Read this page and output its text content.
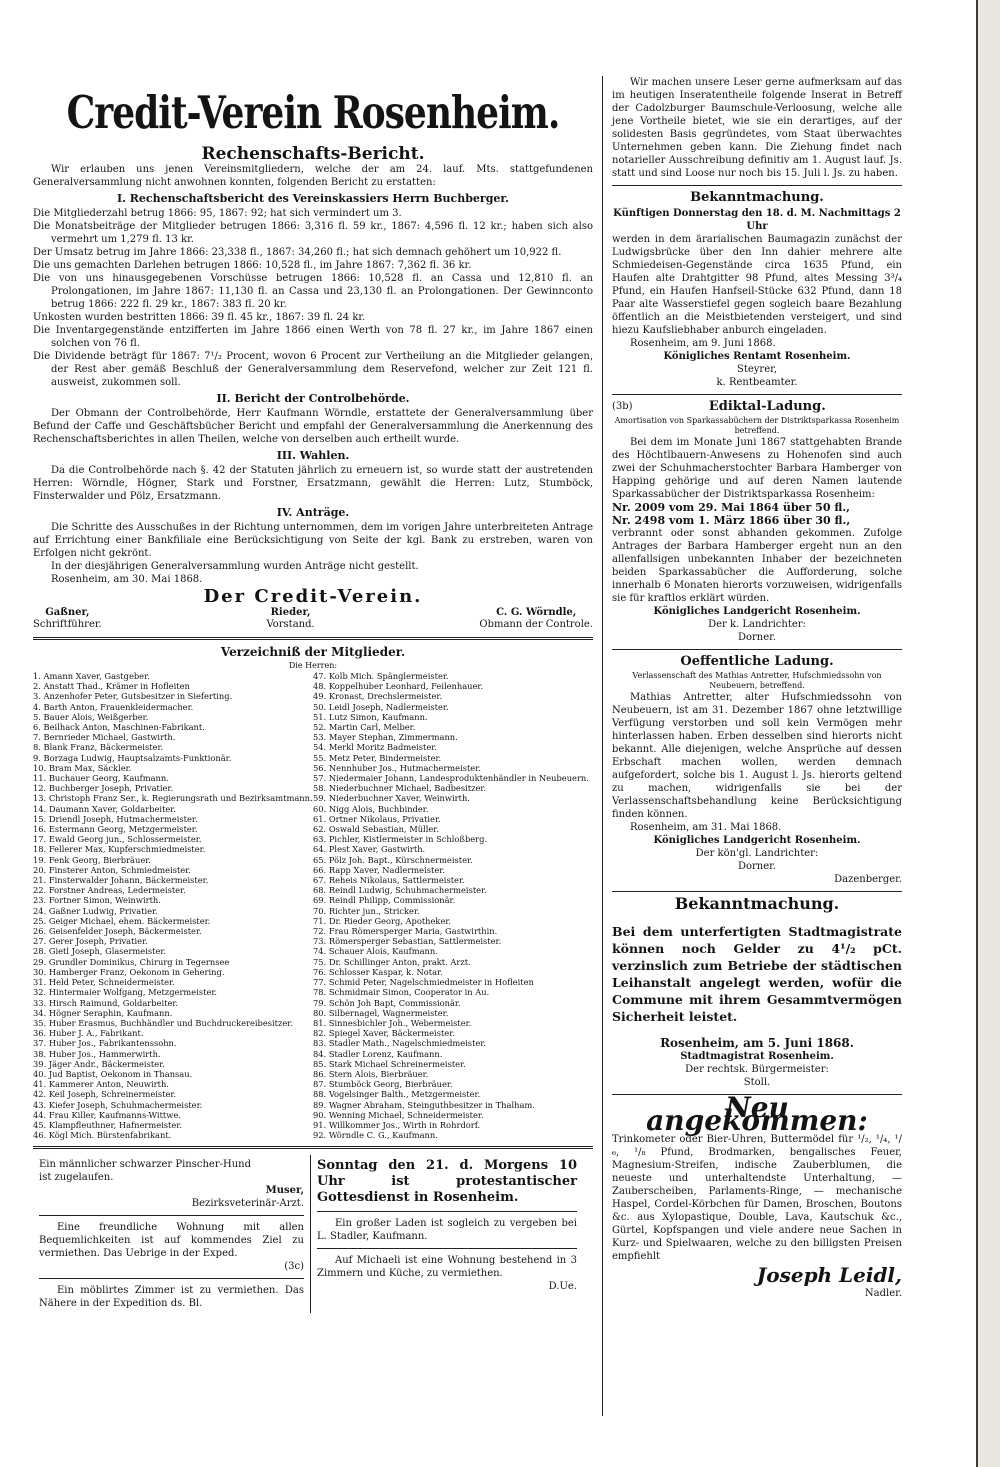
Credit-Verein Rosenheim.
Rechenschafts-Bericht.

Wir erlauben uns jenen Vereinsmitgliedern, welche der am 24. lauf. Mts. stattgefundenen Generalversammlung nicht anwohnen konnten, folgenden Bericht zu erstatten:

I. Rechenschaftsbericht des Vereinskassiers Herrn Buchberger.

Die Mitgliederzahl betrug 1866: 95, 1867: 92; hat sich vermindert um 3.

Die Monatsbeiträge der Mitglieder betrugen 1866: 3,316 fl. 59 kr., 1867: 4,596 fl. 12 kr.; haben sich also vermehrt um 1,279 fl. 13 kr.

Der Umsatz betrug im Jahre 1866: 23,338 fl., 1867: 34,260 fl.; hat sich demnach gehöhert um 10,922 fl.

Die uns gemachten Darlehen betrugen 1866: 10,528 fl., im Jahre 1867: 7,362 fl. 36 kr.

Die von uns hinausgegebenen Vorschüsse betrugen 1866: 10,528 fl. an Cassa und 12,810 fl. an Prolongationen, im Jahre 1867: 11,130 fl. an Cassa und 23,130 fl. an Prolongationen. Der Gewinnconto betrug 1866: 222 fl. 29 kr., 1867: 383 fl. 20 kr.

Unkosten wurden bestritten 1866: 39 fl. 45 kr., 1867: 39 fl. 24 kr.

Die Inventargegenstände entzifferten im Jahre 1866 einen Werth von 78 fl. 27 kr., im Jahre 1867 einen solchen von 76 fl.

Die Dividende beträgt für 1867: 7¹/₂ Procent, wovon 6 Procent zur Vertheilung an die Mitglieder gelangen, der Rest aber gemäß Beschluß der Generalversammlung dem Reservefond, welcher zur Zeit 121 fl. ausweist, zukommen soll.

II. Bericht der Controlbehörde.

Der Obmann der Controlbehörde, Herr Kaufmann Wörndle, erstattete der Generalversammlung über Befund der Caffe und Geschäftsbücher Bericht und empfahl der Generalversammlung die Anerkennung des Rechenschaftsberichtes in allen Theilen, welche von derselben auch ertheilt wurde.

III. Wahlen.

Da die Controlbehörde nach §. 42 der Statuten jährlich zu erneuern ist, so wurde statt der austretenden Herren: Wörndle, Högner, Stark und Forstner, Ersatzmann, gewählt die Herren: Lutz, Stumböck, Finsterwalder und Pölz, Ersatzmann.

IV. Anträge.

Die Schritte des Ausschußes in der Richtung unternommen, dem im vorigen Jahre unterbreiteten Antrage auf Errichtung einer Bankfiliale eine Berücksichtigung von Seite der kgl. Bank zu erstreben, waren von Erfolgen nicht gekrönt.

In der diesjährigen Generalversammlung wurden Anträge nicht gestellt.

Rosenheim, am 30. Mai 1868.

Der Credit-Verein.
Gaßner,
Schriftführer.
Rieder,
Vorstand.
C. G. Wörndle,
Obmann der Controle.
Verzeichniß der Mitglieder.
Die Herren:
1. Amann Xaver, Gastgeber.
2. Anstatt Thad., Krämer in Hofleiten
3. Anzenhofer Peter, Gutsbesitzer in Sieferting.
4. Barth Anton, Frauenkleidermacher.
5. Bauer Alois, Weißgerber.
6. Beilhack Anton, Maschinen-Fabrikant.
7. Bernrieder Michael, Gastwirth.
8. Blank Franz, Bäckermeister.
9. Borzaga Ludwig, Hauptsalzamts-Funktionär.
10. Bram Max, Säckler.
11. Buchauer Georg, Kaufmann.
12. Buchberger Joseph, Privatier.
13. Christoph Franz Ser., k. Regierungsrath und Bezirksamtmann.
14. Daumann Xaver, Goldarbeiter.
15. Driendl Joseph, Hutmachermeister.
16. Estermann Georg, Metzgermeister.
17. Ewald Georg jun., Schlossermeister.
18. Fellerer Max, Kupferschmiedmeister.
19. Fenk Georg, Bierbräuer.
20. Finsterer Anton, Schmiedmeister.
21. Finsterwalder Johann, Bäckermeister.
22. Forstner Andreas, Ledermeister.
23. Fortner Simon, Weinwirth.
24. Gaßner Ludwig, Privatier.
25. Geiger Michael, ehem. Bäckermeister.
26. Geisenfelder Joseph, Bäckermeister.
27. Gerer Joseph, Privatier.
28. Gietl Joseph, Glasermeister.
29. Grundler Dominikus, Chirurg in Tegernsee
30. Hamberger Franz, Oekonom in Gehering.
31. Held Peter, Schneidermeister.
32. Hintermaier Wolfgang, Metzgermeister.
33. Hirsch Raimund, Goldarbeiter.
34. Högner Seraphin, Kaufmann.
35. Huber Erasmus, Buchhändler und Buchdruckereibesitzer.
36. Huber J. A., Fabrikant.
37. Huber Jos., Fabrikantenssohn.
38. Huber Jos., Hammerwirth.
39. Jäger Andr., Bäckermeister.
40. Jud Baptist, Oekonom in Thansau.
41. Kammerer Anton, Neuwirth.
42. Keil Joseph, Schreinermeister.
43. Kiefer Joseph, Schuhmachermeister.
44. Frau Killer, Kaufmanns-Wittwe.
45. Klampfleuthner, Hafnermeister.
46. Kögl Mich. Bürstenfabrikant.
47. Kolb Mich. Spänglermeister.
48. Koppelhuber Leonhard, Feilenhauer.
49. Kronast, Drechslermeister.
50. Leidl Joseph, Nadlermeister.
51. Lutz Simon, Kaufmann.
52. Martin Carl, Melber.
53. Mayer Stephan, Zimmermann.
54. Merkl Moritz Badmeister.
55. Metz Peter, Bindermeister.
56. Nennhuber Jos., Hutmachermeister.
57. Niedermaier Johann, Landesproduktenhändler in Neubeuern.
58. Niederbuchner Michael, Badbesitzer.
59. Niederbuchner Xaver, Weinwirth.
60. Nigg Alois, Buchbinder.
61. Ortner Nikolaus, Privatier.
62. Oswald Sebastian, Müller.
63. Pichler, Kistlermeister in Schloßberg.
64. Plest Xaver, Gastwirth.
65. Pölz Joh. Bapt., Kürschnermeister.
66. Rapp Xaver, Nadlermeister.
67. Reheis Nikolaus, Sattlermeister.
68. Reindl Ludwig, Schuhmachermeister.
69. Reindl Philipp, Commissionär.
70. Richter jun., Stricker.
71. Dr. Rieder Georg, Apotheker.
72. Frau Römersperger Maria, Gastwirthin.
73. Römersperger Sebastian, Sattlermeister.
74. Schauer Alois, Kaufmann.
75. Dr. Schillinger Anton, prakt. Arzt.
76. Schlosser Kaspar, k. Notar.
77. Schmid Peter, Nagelschmiedmeister in Hofleiten
78. Schmidmair Simon, Cooperator in Au.
79. Schön Joh Bapt, Commissionär.
80. Silbernagel, Wagnermeister.
81. Sinnesbichler Joh., Webermeister.
82. Spiegel Xaver, Bäckermeister.
83. Stadler Math., Nagelschmiedmeister.
84. Stadler Lorenz, Kaufmann.
85. Stark Michael Schreinermeister.
86. Stern Alois, Bierbräuer.
87. Stumböck Georg, Bierbräuer.
88. Vogelsinger Balth., Metzgermeister.
89. Wagner Abraham, Steinguthbesitzer in Thalham.
90. Wenning Michael, Schneidermeister.
91. Willkommer Jos., Wirth in Rohrdorf.
92. Wörndle C. G., Kaufmann.

Ein männlicher schwarzer Pinscher-Hund
ist zugelaufen.

Muser,
Bezirksveterinär-Arzt.

Eine freundliche Wohnung mit allen Bequemlichkeiten ist auf kommendes Ziel zu vermiethen. Das Uebrige in der Exped.

(3c)

Ein möblirtes Zimmer ist zu vermiethen. Das Nähere in der Expedition ds. Bl.

Sonntag den 21. d. Morgens 10 Uhr ist protestantischer Gottesdienst in Rosenheim.

Ein großer Laden ist sogleich zu vergeben bei L. Stadler, Kaufmann.

Auf Michaeli ist eine Wohnung bestehend in 3 Zimmern und Küche, zu vermiethen.

D.Ue.

Wir machen unsere Leser gerne aufmerksam auf das im heutigen Inseratentheile folgende Inserat in Betreff der Cadolzburger Baumschule-Verloosung, welche alle jene Vortheile bietet, wie sie ein derartiges, auf der solidesten Basis gegründetes, vom Staat überwachtes Unternehmen geben kann. Die Ziehung findet nach notarieller Ausschreibung definitiv am 1. August lauf. Js. statt und sind Loose nur noch bis 15. Juli l. Js. zu haben.

Bekanntmachung.

Künftigen Donnerstag den 18. d. M. Nachmittags 2 Uhr

werden in dem ärarialischen Baumagazin zunächst der Ludwigsbrücke über den Inn dahier mehrere alte Schmiedeisen-Gegenstände circa 1635 Pfund, ein Haufen alte Drahtgitter 98 Pfund, altes Messing 3³/₄ Pfund, ein Haufen Hanfseil-Stücke 632 Pfund, dann 18 Paar alte Wasserstiefel gegen sogleich baare Bezahlung öffentlich an die Meistbietenden versteigert, und sind hiezu Kaufsliebhaber anburch eingeladen.

Rosenheim, am 9. Juni 1868.

Königliches Rentamt Rosenheim.

Steyrer,

k. Rentbeamter.

(3b)	Ediktal-Ladung.

Amortisation von Sparkassabüchern der Distriktsparkassa Rosenheim betreffend.

Bei dem im Monate Juni 1867 stattgehabten Brande des Höchtlbauern-Anwesens zu Hohenofen sind auch zwei der Schuhmacherstochter Barbara Hamberger von Happing gehörige und auf deren Namen lautende Sparkassabücher der Distriktsparkassa Rosenheim:

Nr. 2009 vom 29. Mai 1864 über 50 fl.,

Nr. 2498 vom 1. März 1866 über 30 fl.,

verbrannt oder sonst abhanden gekommen. Zufolge Antrages der Barbara Hamberger ergeht nun an den allenfallsigen unbekannten Inhaber der bezeichneten beiden Sparkassabücher die Aufforderung, solche innerhalb 6 Monaten hierorts vorzuweisen, widrigenfalls sie für kraftlos erklärt würden.

Königliches Landgericht Rosenheim.

Der k. Landrichter:

Dorner.

Oeffentliche Ladung.

Verlassenschaft des Mathias Antretter, Hufschmiedssohn von Neubeuern, betreffend.

Mathias Antretter, alter Hufschmiedssohn von Neubeuern, ist am 31. Dezember 1867 ohne letztwillige Verfügung verstorben und soll kein Vermögen mehr hinterlassen haben. Erben desselben sind hierorts nicht bekannt. Alle diejenigen, welche Ansprüche auf dessen Erbschaft machen wollen, werden demnach aufgefordert, solche bis 1. August l. Js. hierorts geltend zu machen, widrigenfalls sie bei der Verlassenschaftsbehandlung keine Berücksichtigung finden können.

Rosenheim, am 31. Mai 1868.

Königliches Landgericht Rosenheim.

Der kön'gl. Landrichter:

Dorner.

Dazenberger.

Bekanntmachung.

Bei dem unterfertigten Stadtmagistrate können noch Gelder zu 4¹/₂ pCt. verzinslich zum Betriebe der städtischen Leihanstalt angelegt werden, wofür die Commune mit ihrem Gesammtvermögen Sicherheit leistet.

Rosenheim, am 5. Juni 1868.

Stadtmagistrat Rosenheim.

Der rechtsk. Bürgermeister:

Stoll.

Neu angekommen:

Trinkometer oder Bier-Uhren, Buttermödel für ¹/₂, ¹/₄, ¹/₆, ¹/₈ Pfund, Brodmarken, bengalisches Feuer, Magnesium-Streifen, indische Zauberblumen, die neueste und unterhaltendste Unterhaltung, — Zauberscheiben, Parlaments-Ringe, — mechanische Haspel, Cordel-Körbchen für Damen, Broschen, Boutons &c. aus Xylopastique, Double, Lava, Kautschuk &c., Gürtel, Kopfspangen und viele andere neue Sachen in Kurz- und Spielwaaren, welche zu den billigsten Preisen empfiehlt

Joseph Leidl,

Nadler.
